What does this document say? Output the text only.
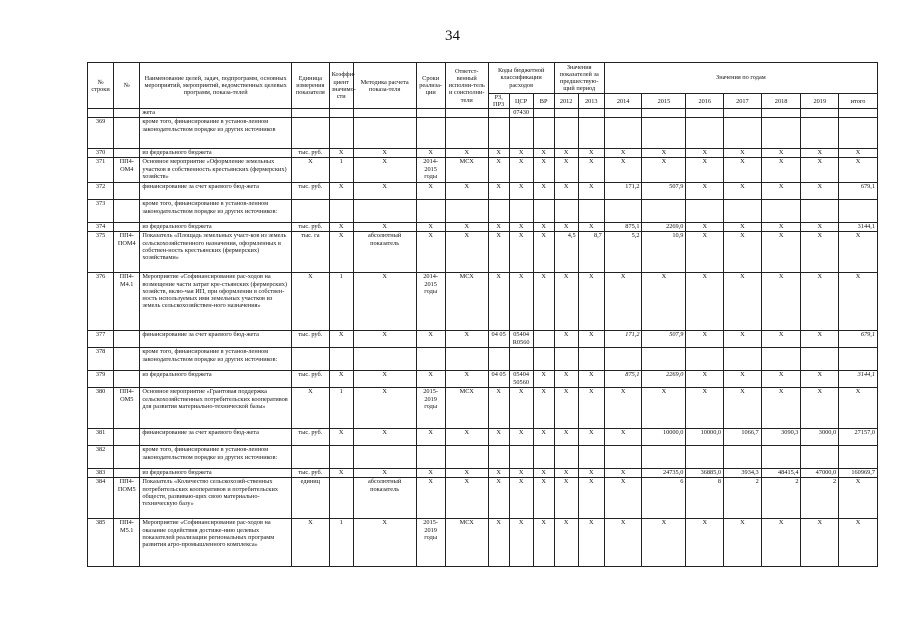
34
№ строки	№	Наименование целей, задач, подпрограмм, основных мероприятий, мероприятий, ведомственных целевых программ, показа-телей	Единица измерения показателя	Коэффи-циент значимо-сти	Методика расчета показа-теля	Сроки реализа-ции	Ответст-венный исполни-тель и соисполни-тели	Коды бюджетной классификации расходов			Значения показателей за предшествую-щий период		Значения по годам						

								РЗ, ПР3	ЦСР	ВР	2012	2013	2014	2015	2016	2017	2018	2019	итого
		жета							07430										
369		кроме того, финансирование в установ-ленном законодательством порядке из других источников																	
370		из федерального бюджета	тыс. руб.	X	X	X	X	X	X	X	X	X	X	X	X	X	X	X	X
371	ПП4-ОМ4	Основное мероприятие «Оформление земельных участков в собственность крестьянских (фермерских) хозяйств»	X	1	X	2014-2015 годы	МСХ	X	X	X	X	X	X	X	X	X	X	X	X
372		финансирование за счет краевого бюд-жета	тыс. руб.	X	X	X	X	X	X	X	X	X	171,2	507,9	X	X	X	X	679,1
373		кроме того, финансирование в установ-ленном законодательством порядке из других источников:																	
374		из федерального бюджета	тыс. руб.	X	X	X	X	X	X	X	X	X	875,1	2269,0	X	X	X	X	3144,1
375	ПП4-ПОМ4	Показатель «Площадь земельных участ-ков из земель сельскохозяйственного назначения, оформленных в собствен-ность крестьянских (фермерских) хозяйствами»	тыс. га	X	абсолютный показатель	X	X	X	X	X	4,5	8,7	5,2	10,9	X	X	X	X	X
376	ПП4-М4.1	Мероприятие «Софинансирование рас-ходов на возмещение части затрат кре-стьянских (фермерских) хозяйств, вклю-чая ИП, при оформлении в собствен-ность используемых ими земельных участков из земель сельскохозяйствен-ного назначения»	X	1	X	2014-2015 годы	МСХ	X	X	X	X	X	X	X	X	X	X	X	X
377		финансирование за счет краевого бюд-жета	тыс. руб.	X	X	X	X	04 05	05404 R0560		X	X	171,2	507,9	X	X	X	X	679,1
378		кроме того, финансирование в установ-ленном законодательством порядке из других источников:																	
379		из федерального бюджета	тыс. руб.	X	X	X	X	04 05	05404 50560	X	X	X	875,1	2269,0	X	X	X	X	3144,1
380	ПП4-ОМ5	Основное мероприятие «Грантовая поддержка сельскохозяйственных потребительских кооперативов для развития материально-технической базы»	X	1	X	2015-2019 годы	МСХ	X	X	X	X	X	X	X	X	X	X	X	X
381		финансирование за счет краевого бюд-жета	тыс. руб.	X	X	X	X	X	X	X	X	X	X	10000,0	10000,0	1066,7	3090,3	3000,0	27157,0
382		кроме того, финансирование в установ-ленном законодательством порядке из других источников:																	
383		из федерального бюджета	тыс. руб.	X	X	X	X	X	X	X	X	X	X	24735,0	36885,0	3934,3	48415,4	47000,0	160969,7
384	ПП4-ПОМ5	Показатель «Количество сельскохозяй-ственных потребительских кооперативов и потребительских обществ, развиваю-щих свою материально-техническую базу»	единиц		абсолютный показатель	X	X	X	X	X	X	X	X	6	8	2	2	2	X
385	ПП4-М5.1	Мероприятие «Софинансирование рас-ходов на оказание содействия достиже-нию целевых показателей реализации региональных программ развития агро-промышленного комплекса»	X	1	X	2015-2019 годы	МСХ	X	X	X	X	X	X	X	X	X	X	X	X
